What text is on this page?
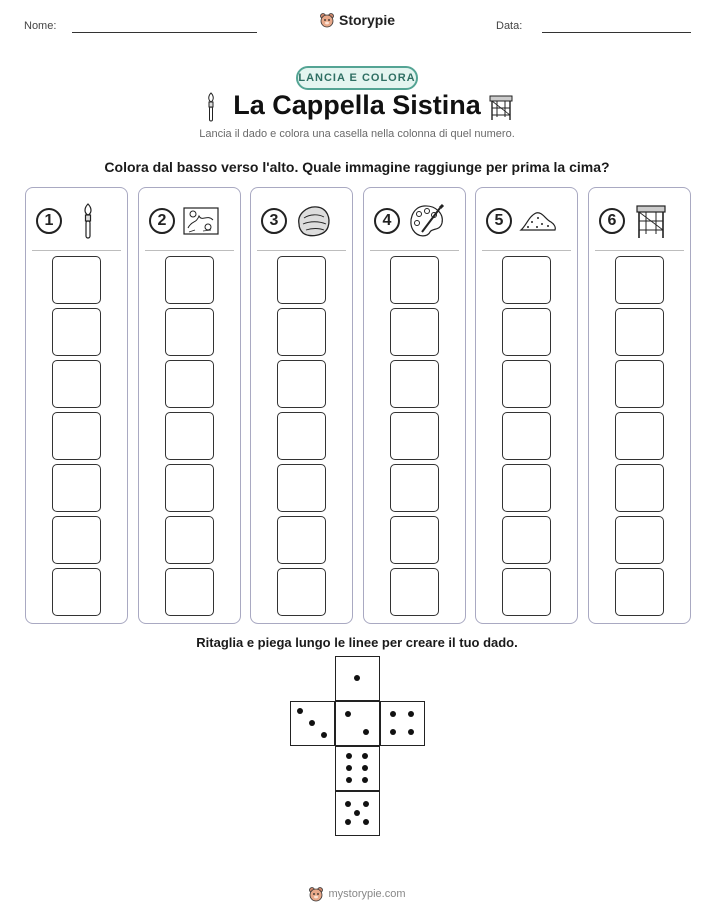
Nome:	Data:
Storypie
LANCIA E COLORA
La Cappella Sistina
Lancia il dado e colora una casella nella colonna di quel numero.
Colora dal basso verso l'alto. Quale immagine raggiunge per prima la cima?
1	2	3	4	5	6
Ritaglia e piega lungo le linee per creare il tuo dado.
mystorypie.com
